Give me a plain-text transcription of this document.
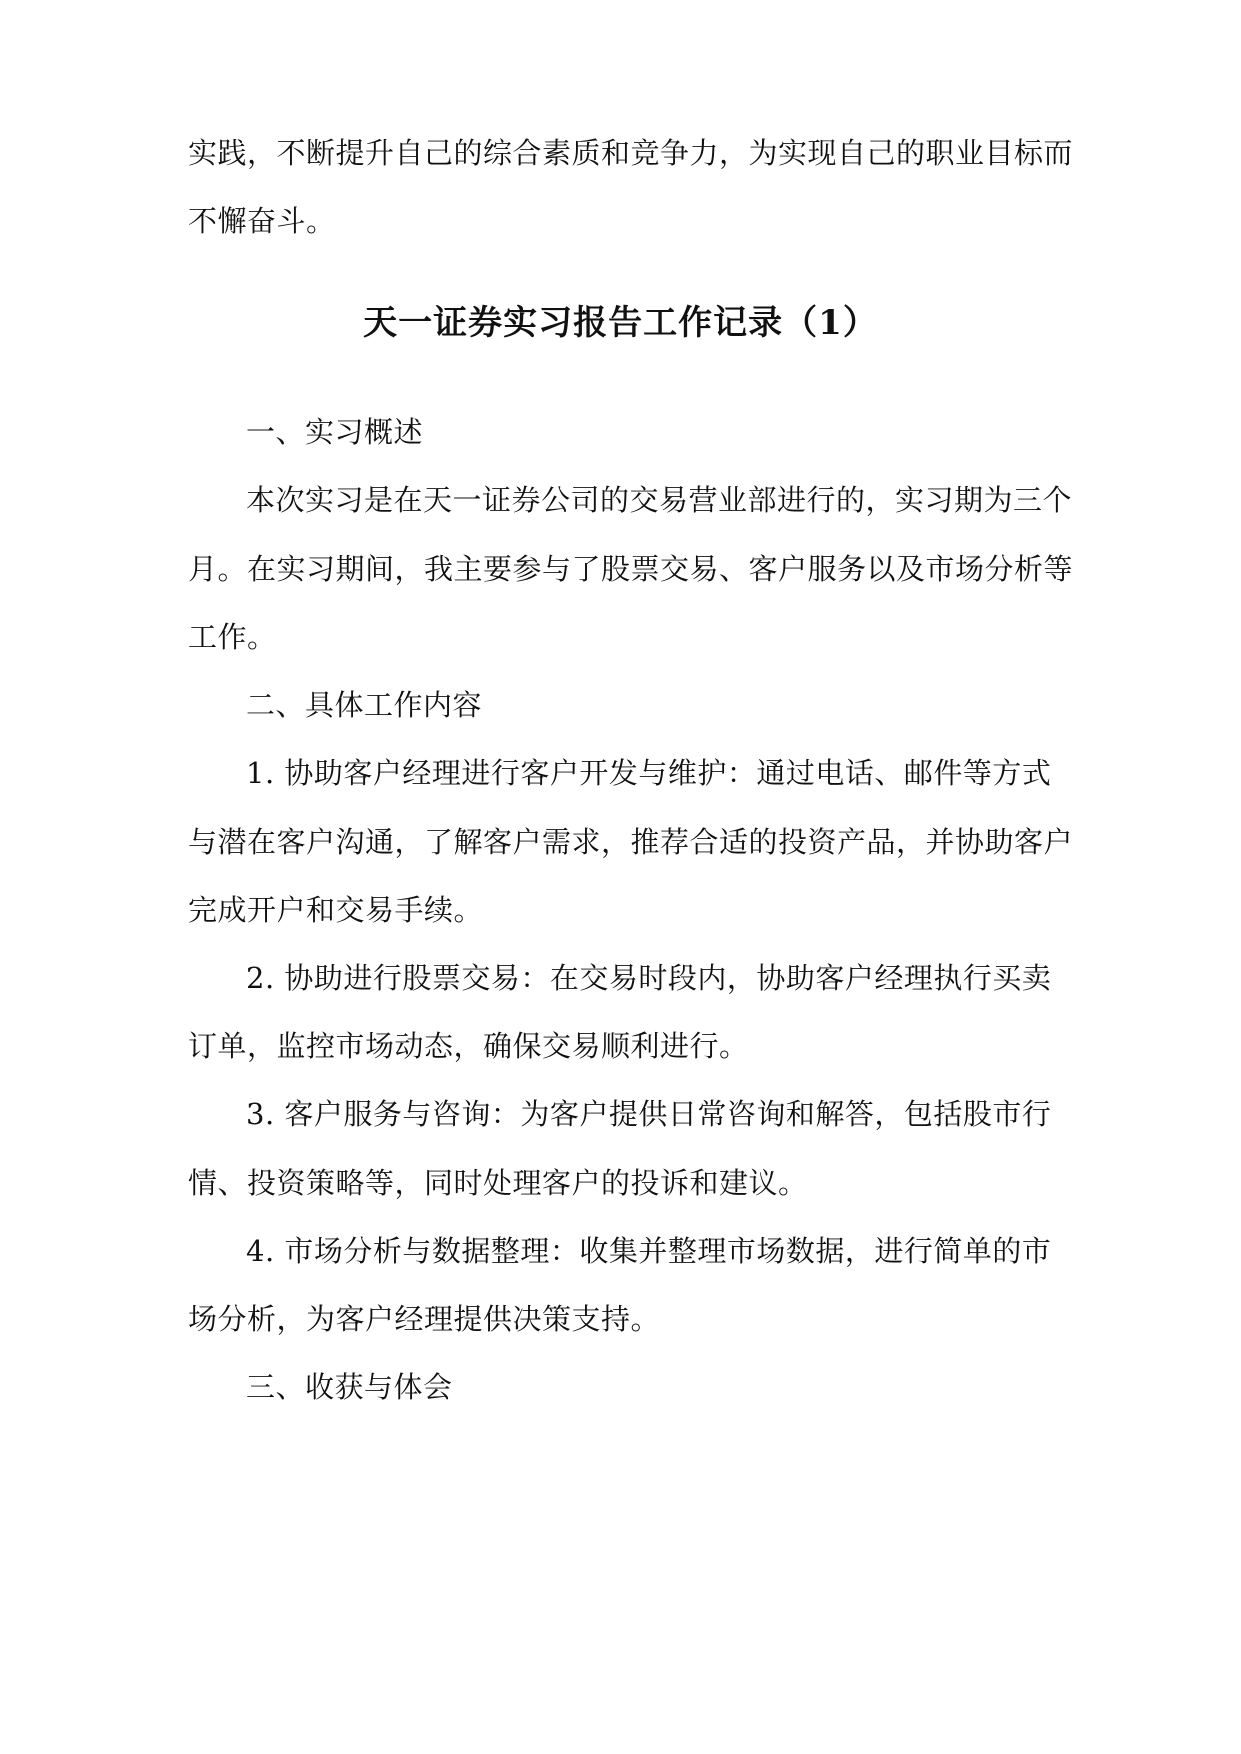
实践，不断提升自己的综合素质和竞争力，为实现自己的职业目标而
不懈奋斗。
天一证券实习报告工作记录（1）
一、实习概述
本次实习是在天一证券公司的交易营业部进行的，实习期为三个
月。在实习期间，我主要参与了股票交易、客户服务以及市场分析等
工作。
二、具体工作内容
1. 协助客户经理进行客户开发与维护：通过电话、邮件等方式
与潜在客户沟通，了解客户需求，推荐合适的投资产品，并协助客户
完成开户和交易手续。
2. 协助进行股票交易：在交易时段内，协助客户经理执行买卖
订单，监控市场动态，确保交易顺利进行。
3. 客户服务与咨询：为客户提供日常咨询和解答，包括股市行
情、投资策略等，同时处理客户的投诉和建议。
4. 市场分析与数据整理：收集并整理市场数据，进行简单的市
场分析，为客户经理提供决策支持。
三、收获与体会
